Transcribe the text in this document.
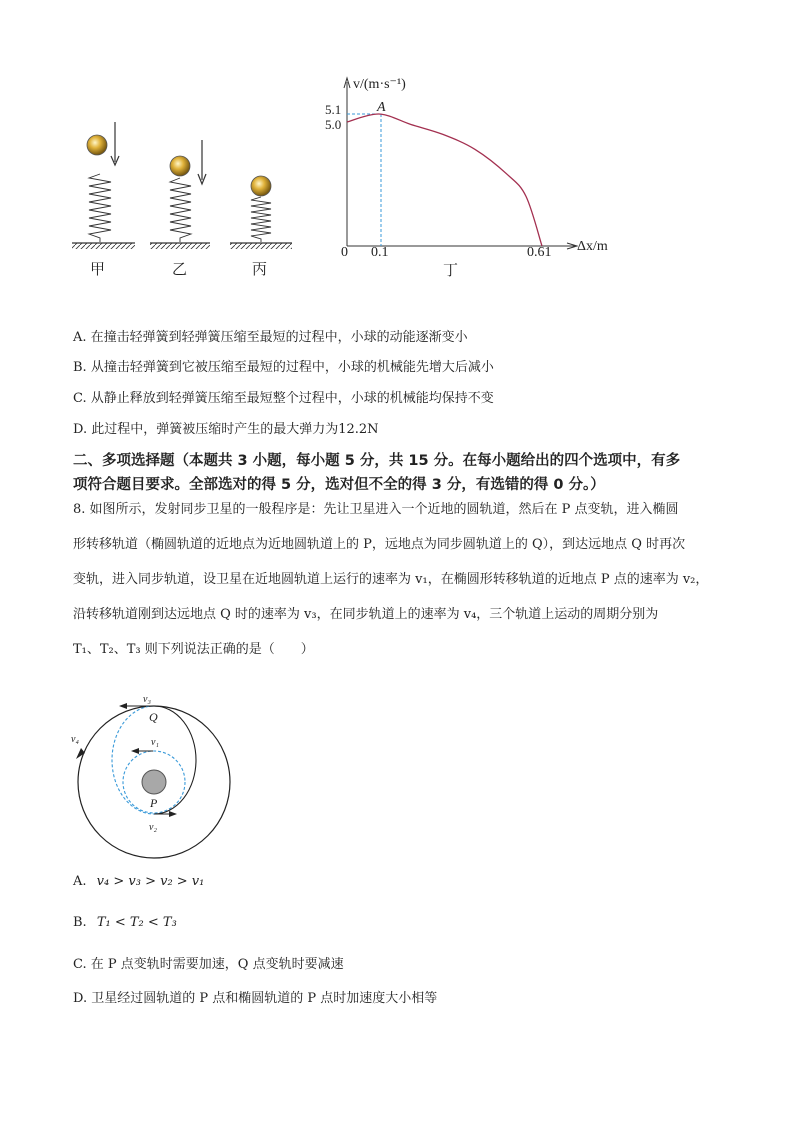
甲	乙	丙
v/(m·s⁻¹)
Δx/m
5.1
5.0
A
0 0.1	0.61
丁
A. 在撞击轻弹簧到轻弹簧压缩至最短的过程中，小球的动能逐渐变小
B. 从撞击轻弹簧到它被压缩至最短的过程中，小球的机械能先增大后减小
C. 从静止释放到轻弹簧压缩至最短整个过程中，小球的机械能均保持不变
D. 此过程中，弹簧被压缩时产生的最大弹力为12.2N
二、多项选择题（本题共 3 小题，每小题 5 分，共 15 分。在每小题给出的四个选项中，有多
项符合题目要求。全部选对的得 5 分，选对但不全的得 3 分，有选错的得 0 分。）
8. 如图所示，发射同步卫星的一般程序是：先让卫星进入一个近地的圆轨道，然后在 P 点变轨，进入椭圆
形转移轨道（椭圆轨道的近地点为近地圆轨道上的 P，远地点为同步圆轨道上的 Q），到达远地点 Q 时再次
变轨，进入同步轨道，设卫星在近地圆轨道上运行的速率为 v₁，在椭圆形转移轨道的近地点 P 点的速率为 v₂，
沿转移轨道刚到达远地点 Q 时的速率为 v₃，在同步轨道上的速率为 v₄，三个轨道上运动的周期分别为
T₁、T₂、T₃ 则下列说法正确的是（　　）
v₃
Q
v₄	v₁
P
v₂
A. v₄ > v₃ > v₂ > v₁
B. T₁ < T₂ < T₃
C. 在 P 点变轨时需要加速，Q 点变轨时要减速
D. 卫星经过圆轨道的 P 点和椭圆轨道的 P 点时加速度大小相等
